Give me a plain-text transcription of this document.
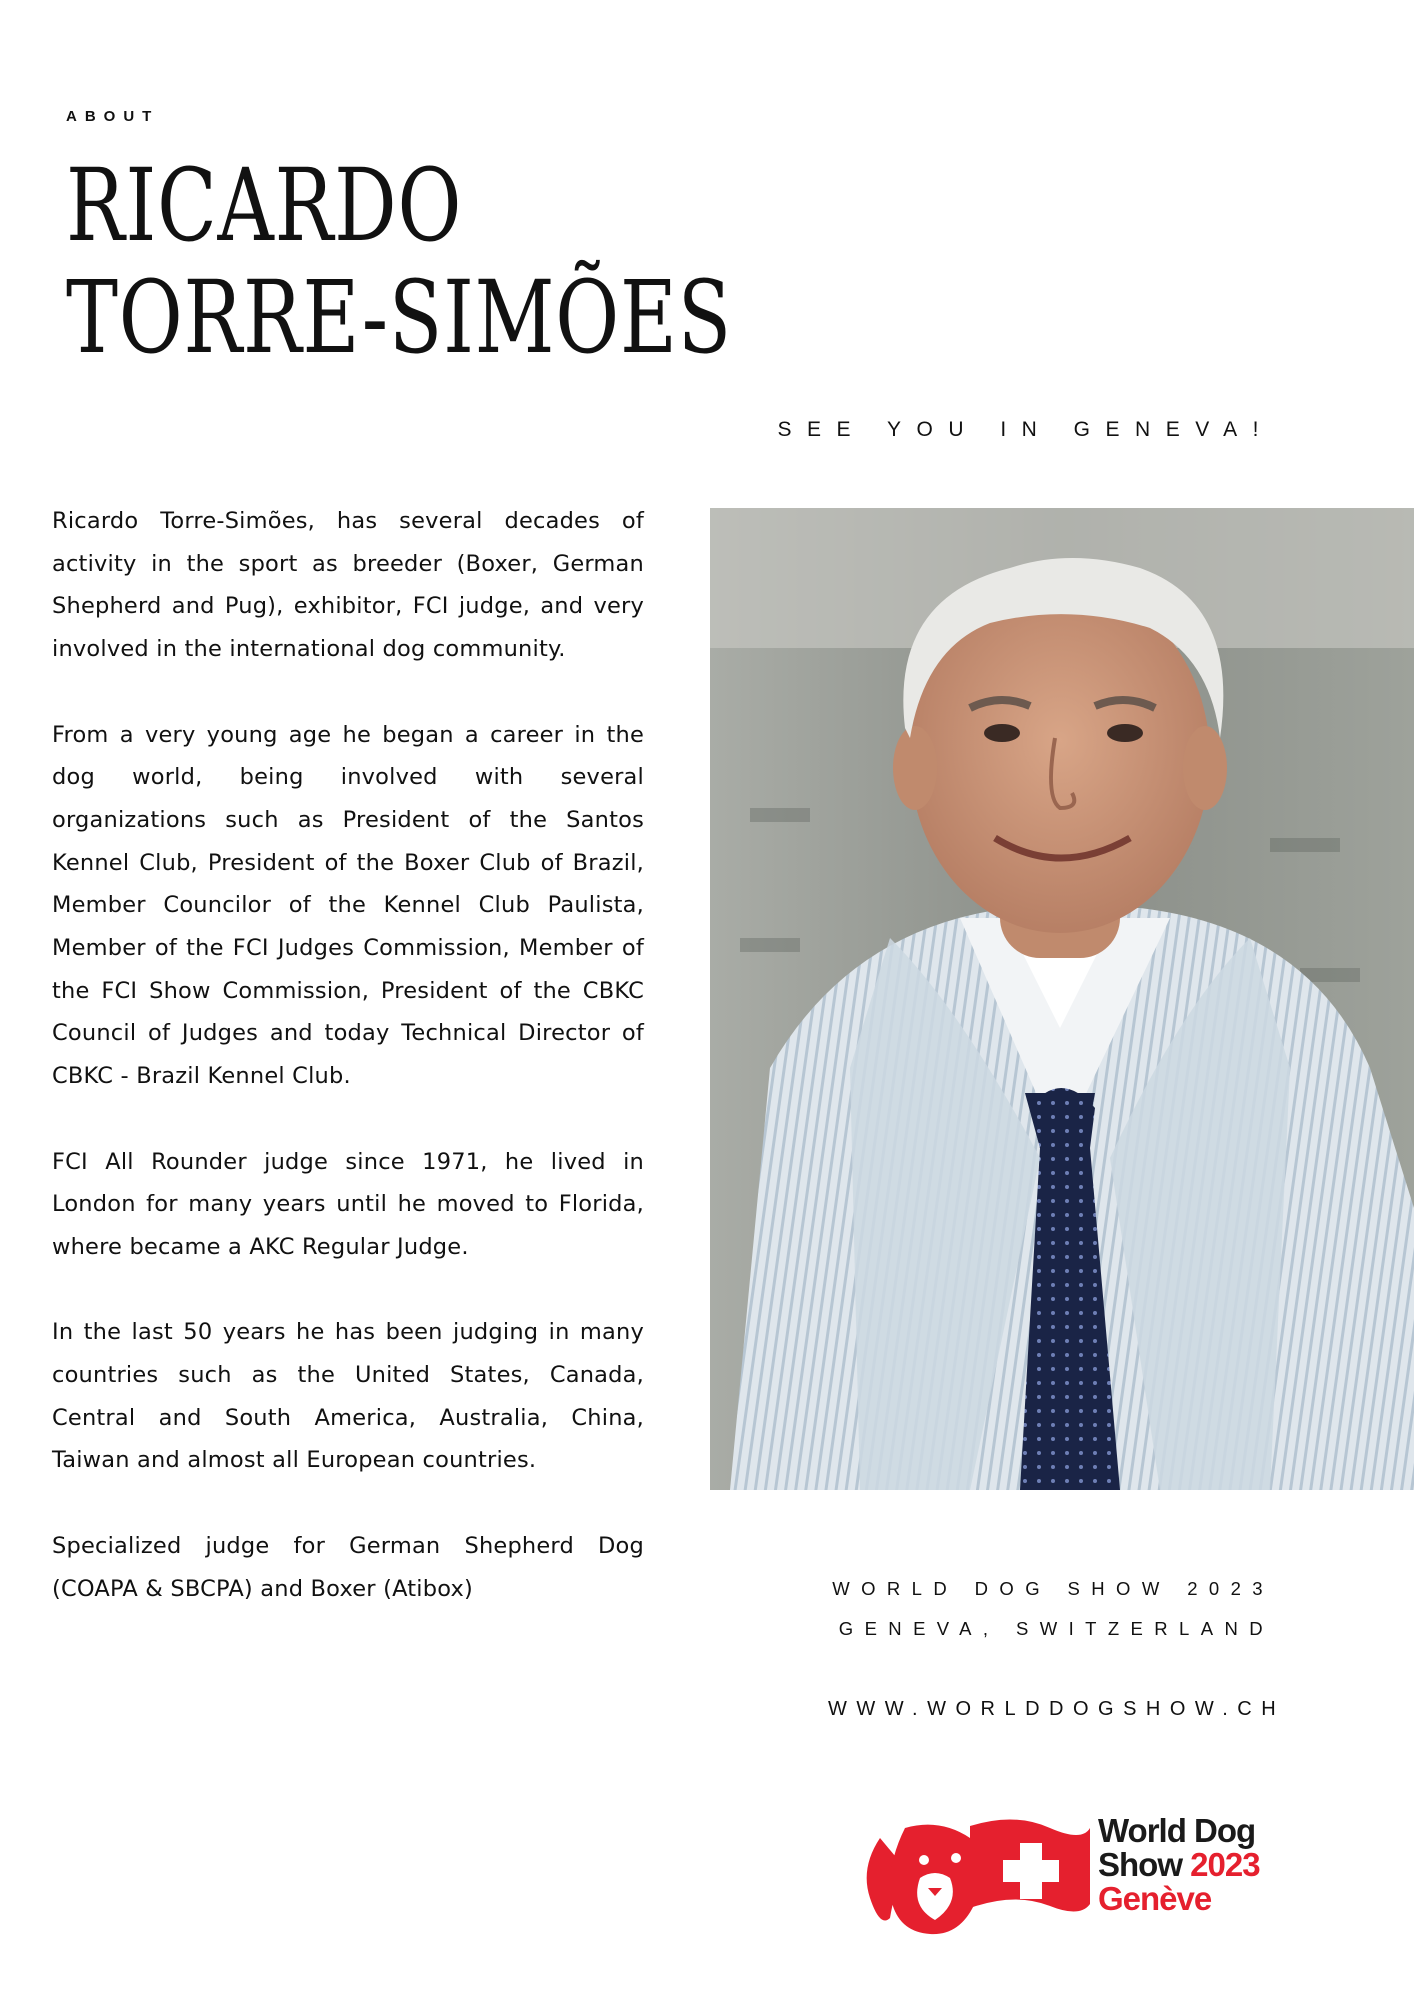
ABOUT
RICARDO
TORRE-SIMÕES
SEE YOU IN GENEVA!

Ricardo Torre-Simões, has several decades of activity in the sport as breeder (Boxer, German Shepherd and Pug), exhibitor, FCI judge, and very involved in the international dog community.

From a very young age he began a career in the dog world, being involved with several organizations such as President of the Santos Kennel Club, President of the Boxer Club of Brazil, Member Councilor of the Kennel Club Paulista, Member of the FCI Judges Commission, Member of the FCI Show Commission, President of the CBKC Council of Judges and today Technical Director of CBKC - Brazil Kennel Club.

FCI All Rounder judge since 1971, he lived in London for many years until he moved to Florida, where became a AKC Regular Judge.

In the last 50 years he has been judging in many countries such as the United States, Canada, Central and South America, Australia, China, Taiwan and almost all European countries.

Specialized judge for German Shepherd Dog (COAPA & SBCPA) and Boxer (Atibox)	WORLD DOG SHOW 2023
GENEVA, SWITZERLAND
WWW.WORLDDOGSHOW.CH
World Dog
Show 2023
Genève
